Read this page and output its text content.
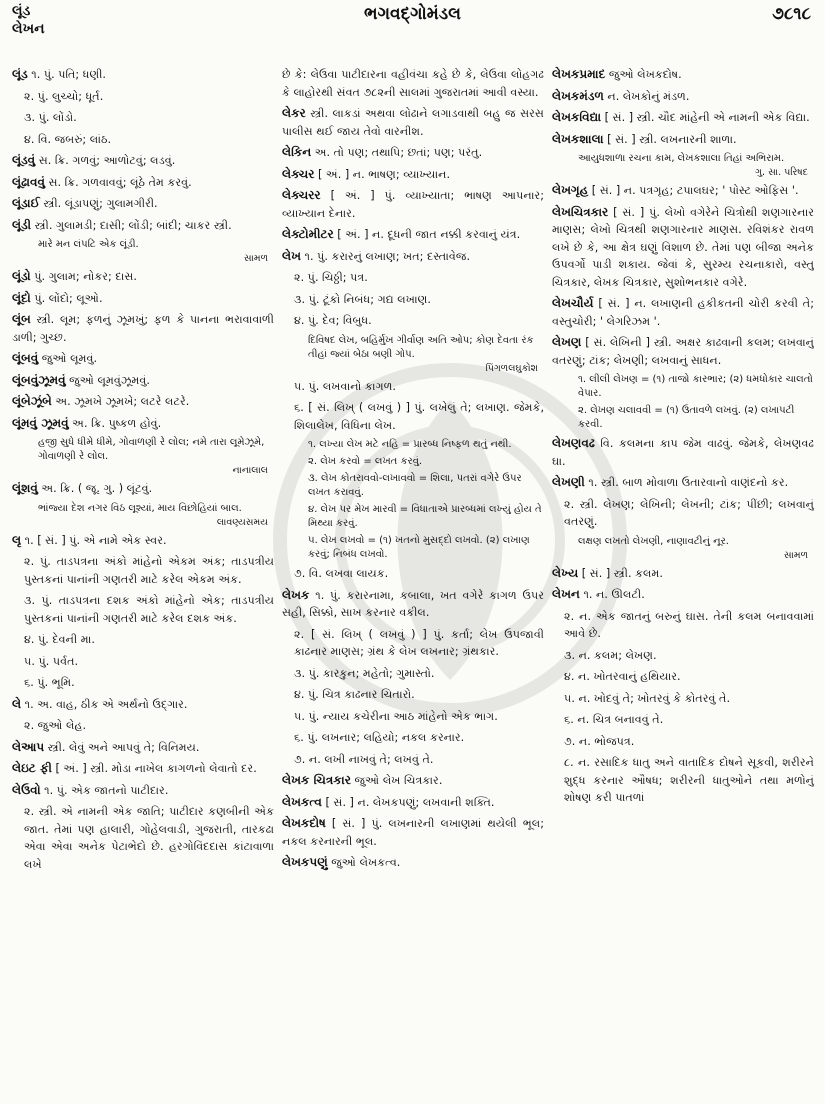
લૂંડ
લેખન
ભગવદ્ગોમંડલ	૭૮૧૮
લૂંડ ૧. પું. પતિ; ધણી.
૨. પું. લુચ્ચો; ધૂર્ત.
૩. પું. લોંડો.
૪. વિ. જબરું; લાંઠ.
લૂંડવું સ. ક્રિ. ગળવું; આળોટવું; લડવું.
લૂંઢાવવું સ. ક્રિ. ગળવાવવું; લૂંઠે તેમ કરવું.
લૂંડાઈ સ્ત્રી. લૂંડાપણું; ગુલામગીરી.
લૂંડી સ્ત્રી. ગુલામડી; દાસી; લોંડી; બાંદી; ચાકર સ્ત્રી.
મારે મન લંપટિ એક લૂંડી.
સામળ
લૂંડો પું. ગુલામ; નોકર; દાસ.
લૂંદો પું. લોંદો; લૂઓ.
લૂંબ સ્ત્રી. લૂમ; ફળનું ઝૂમખું; ફળ કે પાનના ભરાવાવાળી ડાળી; ગુચ્છ.
લૂંબવું જુઓ લૂમવું.
લૂંબવુંઝૂમવું જુઓ લૂમવુંઝૂમવું.
લૂંબેઝૂંબે અ. ઝૂમખે ઝૂમખે; લટરે લટરે.
લૂંમવું ઝૂમવું અ. ક્રિ. પુષ્કળ હોવું.
હજી સુધે ધીમે ધીમે, ગોવાળણી રે લોલ; નમે તારા લૂમેઝૂમે, ગોવાળણી રે લોલ.
નાનાલાલ
લૂંશવું અ. ક્રિ. ( જૂ. ગુ. ) લૂંટવું.
ભાંજ્યા દેશ નગર વિઠ લૂશ્યાં, માય વિછોહિયાં બાલ.
લાવણ્યસમય
લૃ ૧. [ સં. ] પું. એ નામે એક સ્વર.
૨. પું. તાડપત્રના અંકો માંહેનો એકમ અંક; તાડપત્રીય પુસ્તકનાં પાનાંની ગણતરી માટે કરેલ એકમ અંક.
૩. પું. તાડપત્રના દશક અંકો માંહેનો એક; તાડપત્રીય પુસ્તકનાં પાનાંની ગણતરી માટે કરેલ દશક અંક.
૪. પું. દેવની મા.
૫. પું. પર્વત.
૬. પું. ભૂમિ.
લે ૧. અ. વાહ, ઠીક એ અર્થનો ઉદ્ગાર.
૨. જુઓ લેહ.
લેઆપ સ્ત્રી. લેવું અને આપવું તે; વિનિમય.
લેઇટ ફી [ અં. ] સ્ત્રી. મોડા નાખેલ કાગળનો લેવાતો દર.
લેઉવો ૧. પું. એક જાતનો પાટીદાર.
૨. સ્ત્રી. એ નામની એક જાતિ; પાટીદાર કણબીની એક જાત. તેમાં પણ હાલારી, ગોહેલવાડી, ગુજરાતી, તારકઢા એવા એવા અનેક પેટાભેદો છે. હરગોવિંદદાસ કાંટાવાળા લખે
છે કે: લેઉવા પાટીદારના વહીવંચા કહે છે કે, લેઉવા લોહગઢ કે લાહોરથી સંવત ૭૮૨ની સાલમાં ગુજરાતમાં આવી વસ્યા.
લેકર સ્ત્રી. લાકડાં અથવા લોઢાને લગાડવાથી બહુ જ સરસ પાલીસ થઈ જાય તેવો વારનીશ.
લેકિન અ. તો પણ; તથાપિ; છતાં; પણ; પરંતુ.
લેક્ચર [ અં. ] ન. ભાષણ; વ્યાખ્યાન.
લેક્ચરર [ અં. ] પું. વ્યાખ્યાતા; ભાષણ આપનાર; વ્યાખ્યાન દેનાર.
લેક્ટોમીટર [ અં. ] ન. દૂધની જાત નક્કી કરવાનું યંત્ર.
લેખ ૧. પું. કરારનું લખાણ; ખત; દસ્તાવેજ.
૨. પું. ચિઠ્ઠી; પત્ર.
૩. પું. ટૂંકો નિબંધ; ગદ્ય લખાણ.
૪. પું. દેવ; વિબુધ.
દિવિષદ લેખ, બહિર્મુખ ગીર્વાણ અતિ ઓપ; કોણ દેવતા રંક તીહાં જ્યાં બેઠા બણી ગોપ.
પિંગળલઘુકોશ
૫. પું. લખવાનો કાગળ.
૬. [ સં. લિખ્ ( લખવું ) ] પું. લખેલું તે; લખાણ. જેમકે, શિલાલેખ, વિધિના લેખ.
૧. લખ્યા લેખ મટે નહિ = પ્રારબ્ધ નિષ્ફળ થતું નથી.
૨. લેખ કરવો = લખત કરવું.
૩. લેખ કોતરાવવો-લખાવવો = શિલા, પતરાં વગેરે ઉપર લખત કરાવવું.
૪. લેખ પર મેખ મારવી = વિધાતાએ પ્રારબ્ધમાં લખ્યું હોય તે મિથ્યા કરવું.
૫. લેખ લખવો = (૧) ખતનો મુસદ્દો લખવો. (૨) લખાણ કરવું; નિબંધ લખવો.
૭. વિ. લખવા લાયક.
લેખક ૧. પું. કરારનામા, કબાલા, ખત વગેરે કાગળ ઉપર સહી, સિક્કો, સાખ કરનાર વકીલ.
૨. [ સં. લિખ્ ( લખવું ) ] પું. કર્તા; લેખ ઉપજાવી કાઢનાર માણસ; ગ્રંથ કે લેખ લખનાર; ગ્રંથકાર.
૩. પું. કારકુન; મહેતો; ગુમાસ્તો.
૪. પું. ચિત્ર કાઢનાર ચિતારો.
૫. પું. ન્યાય કચેરીના આઠ માંહેનો એક ભાગ.
૬. પું. લખનાર; લહિયો; નકલ કરનાર.
૭. ન. લખી નાખવું તે; લખવું તે.
લેખક ચિત્રકાર જુઓ લેખ ચિત્રકાર.
લેખકત્વ [ સં. ] ન. લેખકપણું; લખવાની શક્તિ.
લેખકદોષ [ સં. ] પું. લખનારની લખાણમાં થયેલી ભૂલ; નકલ કરનારની ભૂલ.
લેખકપણું જુઓ લેખકત્વ.
લેખકપ્રમાદ જુઓ લેખકદોષ.
લેખકમંડળ ન. લેખકોનું મંડળ.
લેખકવિદ્યા [ સં. ] સ્ત્રી. ચૌદ માંહેની એ નામની એક વિદ્યા.
લેખકશાલા [ સં. ] સ્ત્રી. લખનારની શાળા.
આયુધશાળા રચના કામ, લેખકશાલા તિહાં અભિરામ.
ગુ. સા. પરિષદ
લેખગૃહ [ સં. ] ન. પત્રગૃહ; ટપાલઘર; ' પોસ્ટ ઓફિસ '.
લેખચિત્રકાર [ સં. ] પું. લેખો વગેરેને ચિત્રોથી શણગારનાર માણસ; લેખો ચિત્રથી શણગારનાર માણસ. રવિશંકર રાવળ લખે છે કે, આ ક્ષેત્ર ઘણું વિશાળ છે. તેમાં પણ બીજા અનેક ઉપવર્ગો પાડી શકાય. જેવાં કે, સુરમ્ય રચનાકારો, વસ્તુ ચિત્રકાર, લેખક ચિત્રકાર, સુશોભનકાર વગેરે.
લેખચૌર્ય [ સં. ] ન. લખાણની હકીકતની ચોરી કરવી તે; વસ્તુચોરી; ' લેગરિઝમ '.
લેખણ [ સં. લેખિની ] સ્ત્રી. અક્ષર કાઢવાની કલમ; લખવાનું વતરણું; ટાંક; લેખણી; લખવાનું સાધન.
૧. લીલી લેખણ = (૧) તાજો કારભાર; (૨) ધમધોકાર ચાલતો વેપાર.
૨. લેખણ ચલાવવી = (૧) ઉતાવળે લખવું. (૨) લખાપટી કરવી.
લેખણવઢ વિ. કલમના કાપ જેમ વાઢવું. જેમકે, લેખણવઢ ઘા.
લેખણી ૧. સ્ત્રી. બાળ મોવાળા ઉતારવાનો વાણંદનો કર.
૨. સ્ત્રી. લેખણ; લેખિની; લેખની; ટાંક; પીંછી; લખવાનું વતરણું.
લક્ષણ લખતો લેખણી, નાણાવટીનું નૂર.
સામળ
લેખ્ય [ સં. ] સ્ત્રી. કલમ.
લેખન ૧. ન. ઊલટી.
૨. ન. એક જાતનું બરુનું ઘાસ. તેની કલમ બનાવવામાં આવે છે.
૩. ન. કલમ; લેખણ.
૪. ન. ખોતરવાનું હથિયાર.
૫. ન. ખોદવું તે; ખોતરવું કે કોતરવું તે.
૬. ન. ચિત્ર બનાવવું તે.
૭. ન. ભોજપત્ર.
૮. ન. રસાદિક ધાતુ અને વાતાદિક દોષને સૂકવી, શરીરને શુદ્ધ કરનાર ઔષધ; શરીરની ધાતુઓને તથા મળોનું શોષણ કરી પાતળાં
